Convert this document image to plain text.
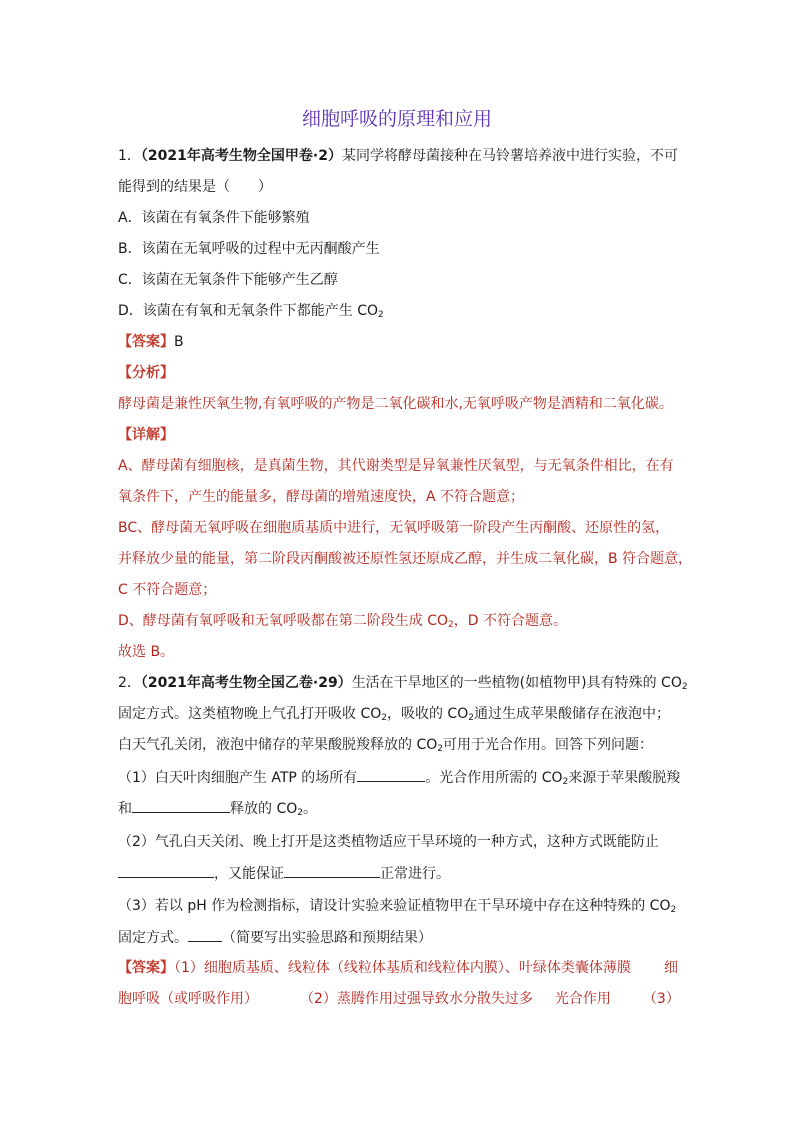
细胞呼吸的原理和应用
1．（2021年高考生物全国甲卷·2）某同学将酵母菌接种在马铃薯培养液中进行实验，不可
能得到的结果是（　　）
A．该菌在有氧条件下能够繁殖
B．该菌在无氧呼吸的过程中无丙酮酸产生
C．该菌在无氧条件下能够产生乙醇
D．该菌在有氧和无氧条件下都能产生 $CO_2$
【答案】B
【分析】
酵母菌是兼性厌氧生物,有氧呼吸的产物是二氧化碳和水,无氧呼吸产物是酒精和二氧化碳。
【详解】
A、酵母菌有细胞核，是真菌生物，其代谢类型是异氧兼性厌氧型，与无氧条件相比，在有
氧条件下，产生的能量多，酵母菌的增殖速度快，A 不符合题意；
BC、酵母菌无氧呼吸在细胞质基质中进行，无氧呼吸第一阶段产生丙酮酸、还原性的氢，
并释放少量的能量，第二阶段丙酮酸被还原性氢还原成乙醇，并生成二氧化碳，B 符合题意，
C 不符合题意；
D、酵母菌有氧呼吸和无氧呼吸都在第二阶段生成 $CO_2$，D 不符合题意。
故选 B。
2．（2021年高考生物全国乙卷·29）生活在干旱地区的一些植物(如植物甲)具有特殊的 $CO_2$
固定方式。这类植物晚上气孔打开吸收 $CO_2$，吸收的 $CO_2$通过生成苹果酸储存在液泡中；
白天气孔关闭，液泡中储存的苹果酸脱羧释放的 $CO_2$可用于光合作用。回答下列问题：
（1）白天叶肉细胞产生 ATP 的场所有	。光合作用所需的 $CO_2$来源于苹果酸脱羧
和	释放的 $CO_2$。
（2）气孔白天关闭、晚上打开是这类植物适应干旱环境的一种方式，这种方式既能防止
，又能保证	正常进行。
（3）若以 pH 作为检测指标，请设计实验来验证植物甲在干旱环境中存在这种特殊的 $CO_2$
固定方式。 （简要写出实验思路和预期结果）
【答案】（1）细胞质基质、线粒体（线粒体基质和线粒体内膜）、叶绿体类囊体薄膜 细
胞呼吸（或呼吸作用）	（2）蒸腾作用过强导致水分散失过多 光合作用 （3）
